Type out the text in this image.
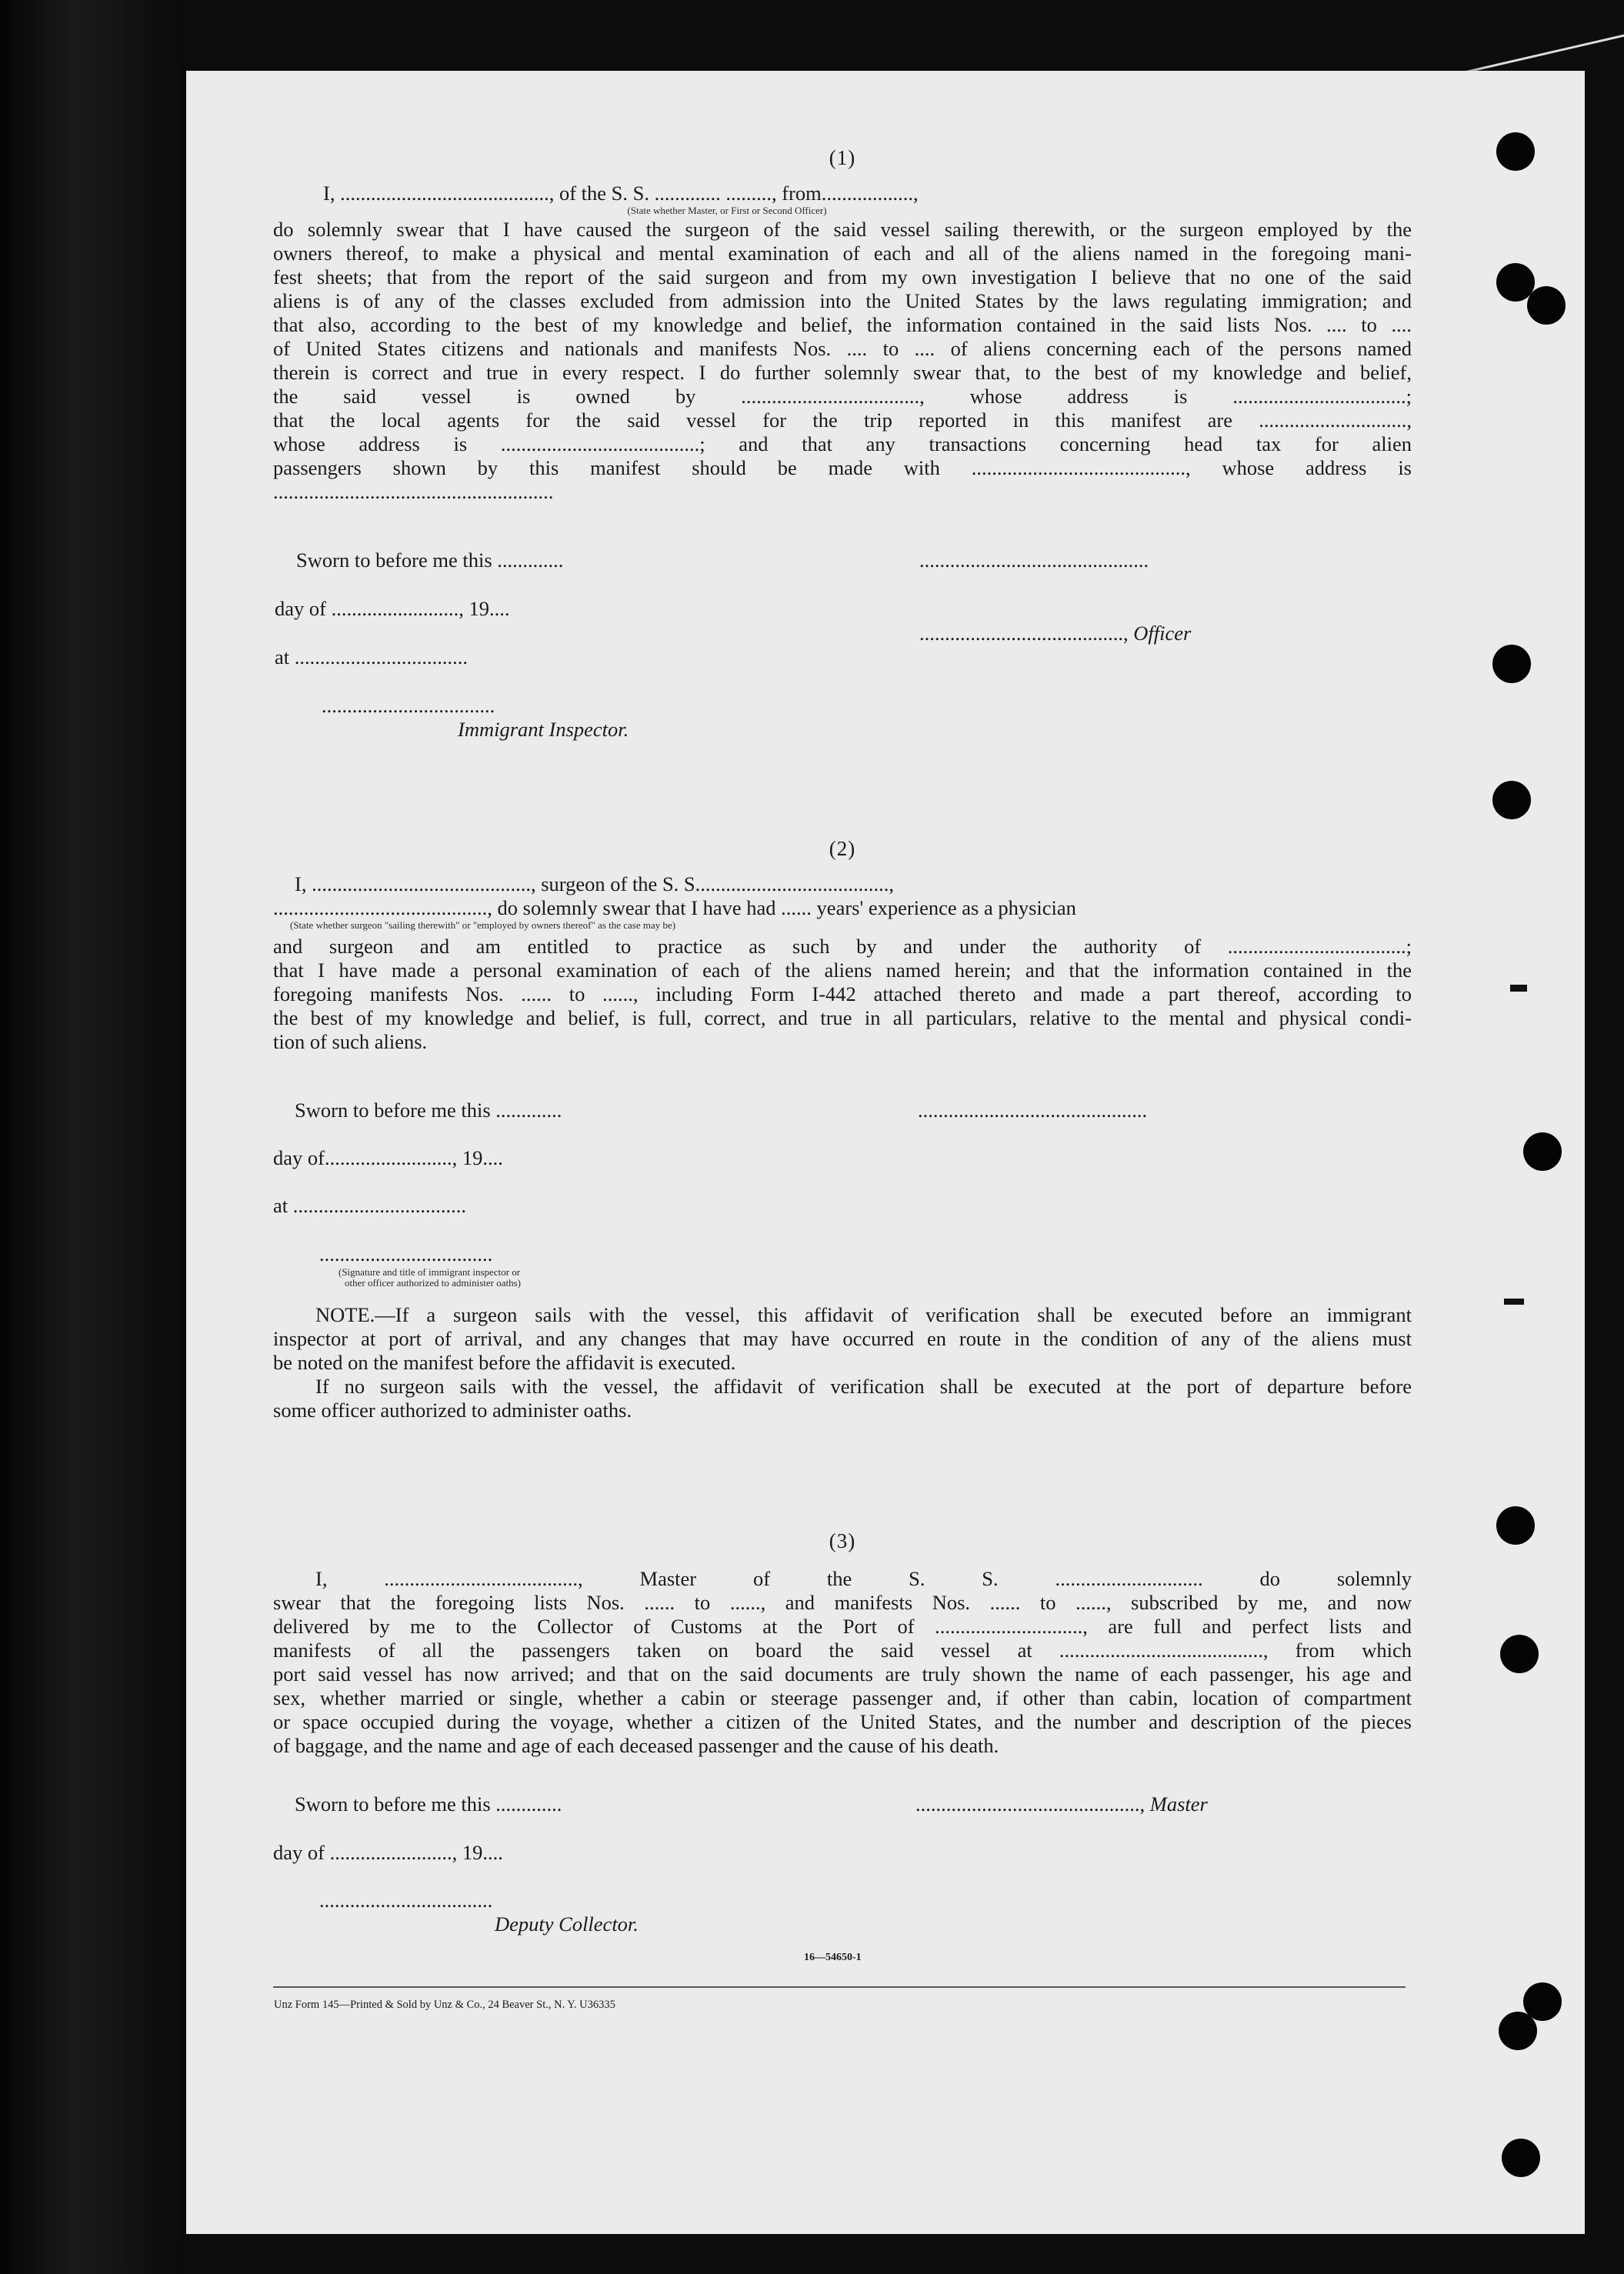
(1)

I, ........................................., of the S. S. ............. ........., from..................,
(State whether Master, or First or Second Officer)

do solemnly swear that I have caused the surgeon of the said vessel sailing therewith, or the surgeon employed by the

owners thereof, to make a physical and mental examination of each and all of the aliens named in the foregoing mani-

fest sheets; that from the report of the said surgeon and from my own investigation I believe that no one of the said

aliens is of any of the classes excluded from admission into the United States by the laws regulating immigration; and

that also, according to the best of my knowledge and belief, the information contained in the said lists Nos. .... to ....

of United States citizens and nationals and manifests Nos. .... to .... of aliens concerning each of the persons named

therein is correct and true in every respect. I do further solemnly swear that, to the best of my knowledge and belief,

the said vessel is owned by ..................................., whose address is ..................................;

that the local agents for the said vessel for the trip reported in this manifest are .............................,

whose address is .......................................; and that any transactions concerning head tax for alien

passengers shown by this manifest should be made with .........................................., whose address is

.......................................................

Sworn to before me this .............	.............................................
day of ........................., 19....
........................................, Officer
at ..................................
..................................
Immigrant Inspector.

(2)

I, ..........................................., surgeon of the S. S......................................,
.........................................., do solemnly swear that I have had ...... years' experience as a physician
(State whether surgeon "sailing therewith" or "employed by owners thereof" as the case may be)

and surgeon and am entitled to practice as such by and under the authority of ...................................;

that I have made a personal examination of each of the aliens named herein; and that the information contained in the

foregoing manifests Nos. ...... to ......, including Form I-442 attached thereto and made a part thereof, according to

the best of my knowledge and belief, is full, correct, and true in all particulars, relative to the mental and physical condi-

tion of such aliens.

Sworn to before me this .............	.............................................
day of........................., 19....
at ..................................
..................................
(Signature and title of immigrant inspector or
other officer authorized to administer oaths)

NOTE.—If a surgeon sails with the vessel, this affidavit of verification shall be executed before an immigrant

inspector at port of arrival, and any changes that may have occurred en route in the condition of any of the aliens must

be noted on the manifest before the affidavit is executed.

If no surgeon sails with the vessel, the affidavit of verification shall be executed at the port of departure before

some officer authorized to administer oaths.

(3)

I, ......................................, Master of the S. S. ............................. do solemnly

swear that the foregoing lists Nos. ...... to ......, and manifests Nos. ...... to ......, subscribed by me, and now

delivered by me to the Collector of Customs at the Port of ............................., are full and perfect lists and

manifests of all the passengers taken on board the said vessel at ........................................, from which

port said vessel has now arrived; and that on the said documents are truly shown the name of each passenger, his age and

sex, whether married or single, whether a cabin or steerage passenger and, if other than cabin, location of compartment

or space occupied during the voyage, whether a citizen of the United States, and the number and description of the pieces

of baggage, and the name and age of each deceased passenger and the cause of his death.

Sworn to before me this .............	............................................, Master
day of ........................, 19....
..................................
Deputy Collector.
16—54650-1
Unz Form 145—Printed & Sold by Unz & Co., 24 Beaver St., N. Y. U36335
